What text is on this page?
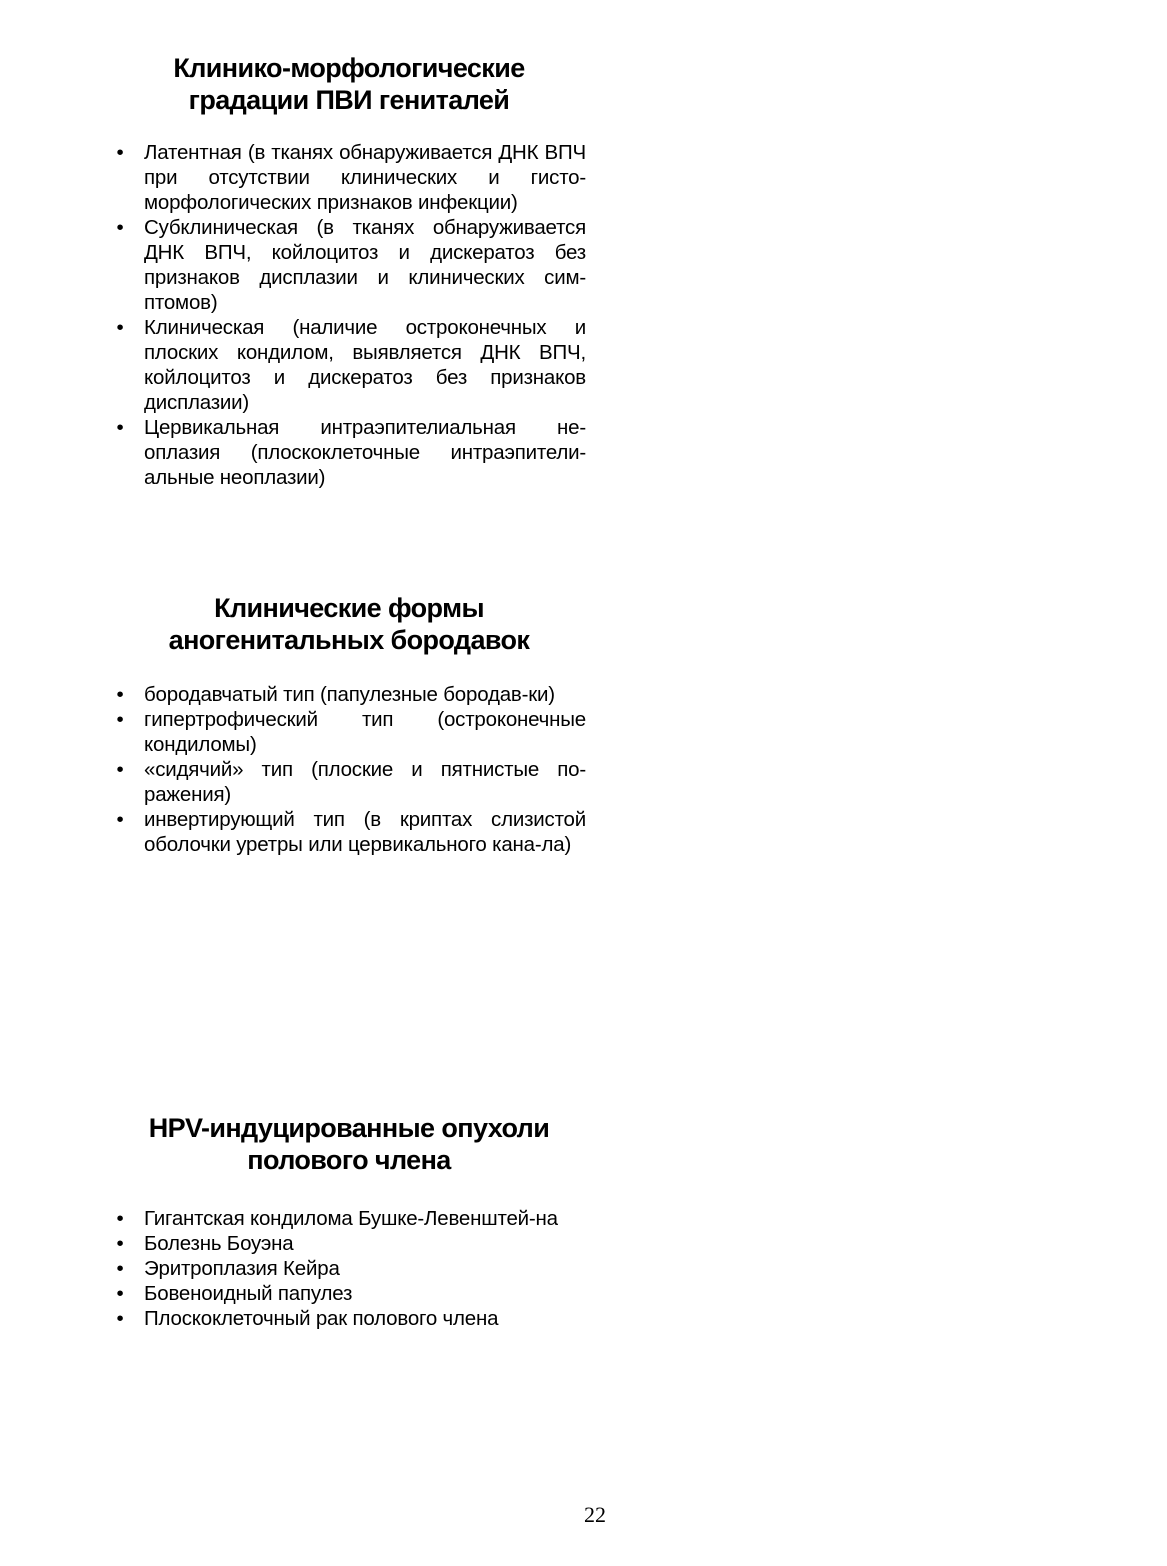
Клинико-морфологические
градации ПВИ гениталей
• Латентная (в тканях обнаруживается ДНК ВПЧ при отсутствии клинических и гисто-морфологических признаков инфекции)
• Субклиническая (в тканях обнаруживается ДНК ВПЧ, койлоцитоз и дискератоз без признаков дисплазии и клинических сим-птомов)
• Клиническая (наличие остроконечных и плоских кондилом, выявляется ДНК ВПЧ, койлоцитоз и дискератоз без признаков дисплазии)
• Цервикальная интраэпителиальная не-оплазия (плоскоклеточные интраэпители-альные неоплазии)
Клинические формы
аногенитальных бородавок
• бородавчатый тип (папулезные бородав-ки)
• гипертрофический тип (остроконечные кондиломы)
• «сидячий» тип (плоские и пятнистые по-ражения)
• инвертирующий тип (в криптах слизистой оболочки уретры или цервикального кана-ла)
HPV-индуцированные опухоли
полового члена
• Гигантская кондилома Бушке-Левенштей-на
• Болезнь Боуэна
• Эритроплазия Кейра
• Бовеноидный папулез
• Плоскоклеточный рак полового члена
22
